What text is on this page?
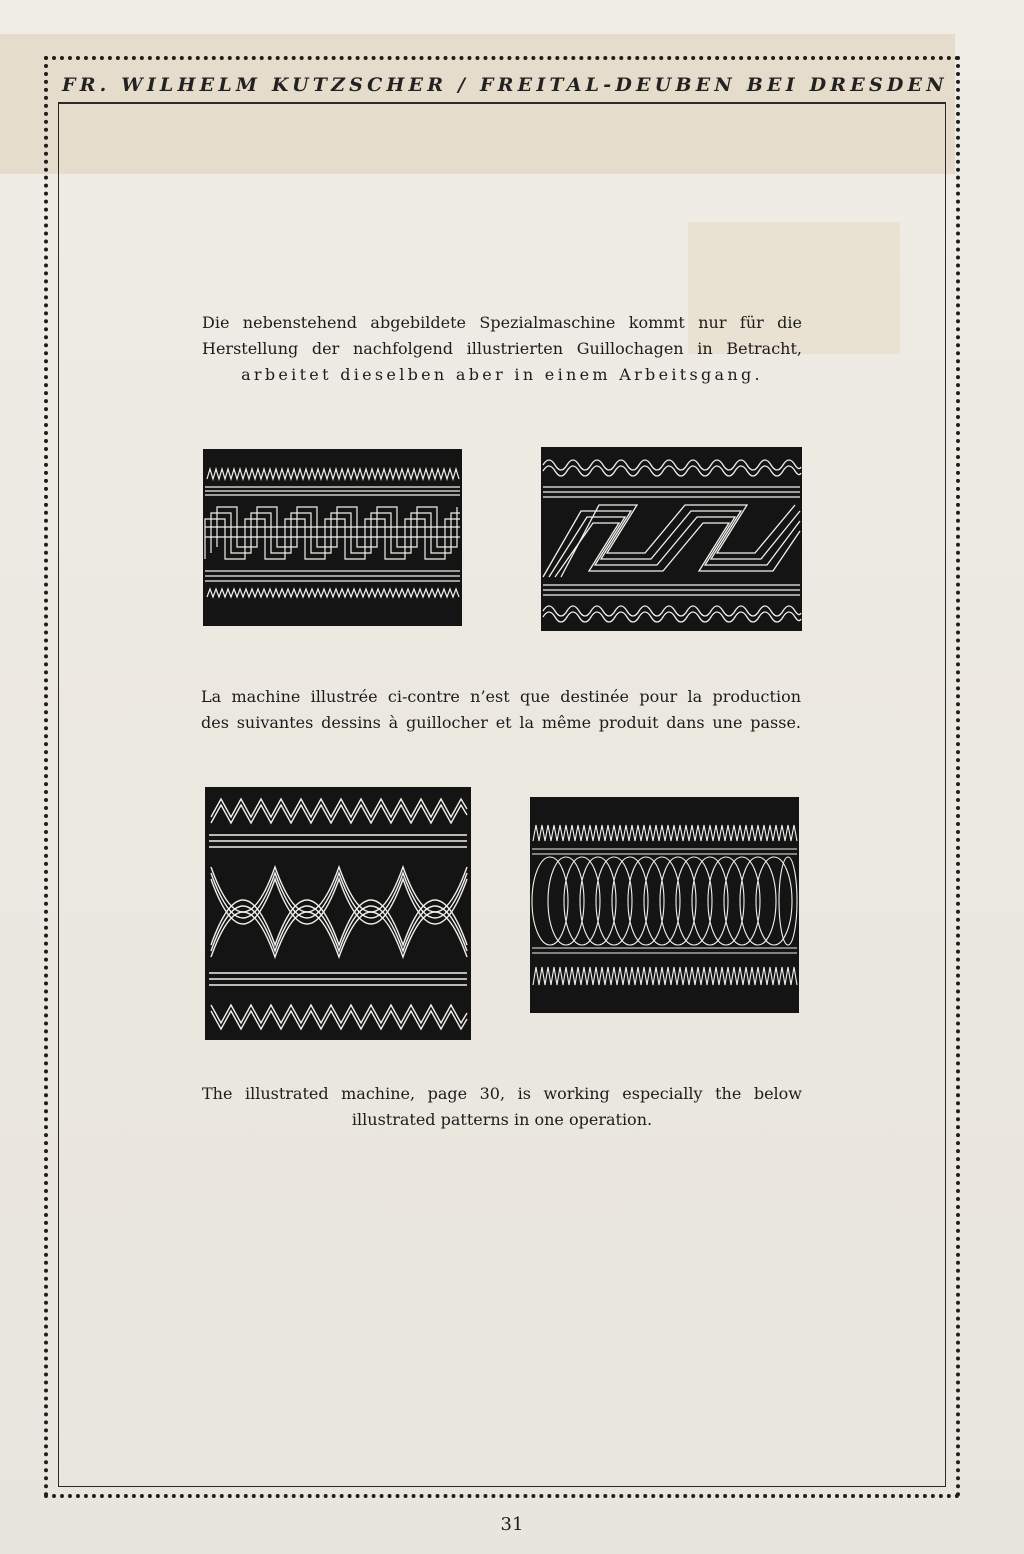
FR. WILHELM KUTZSCHER / FREITAL-DEUBEN BEI DRESDEN
Die nebenstehend abgebildete Spezialmaschine kommt nur für die
Herstellung der nachfolgend illustrierten Guillochagen in Betracht,
arbeitet dieselben aber in einem Arbeitsgang.
La machine illustrée ci-contre n’est que destinée pour la production
des suivantes dessins à guillocher et la même produit dans une passe.
The illustrated machine, page 30, is working especially the below
illustrated patterns in one operation.
31
